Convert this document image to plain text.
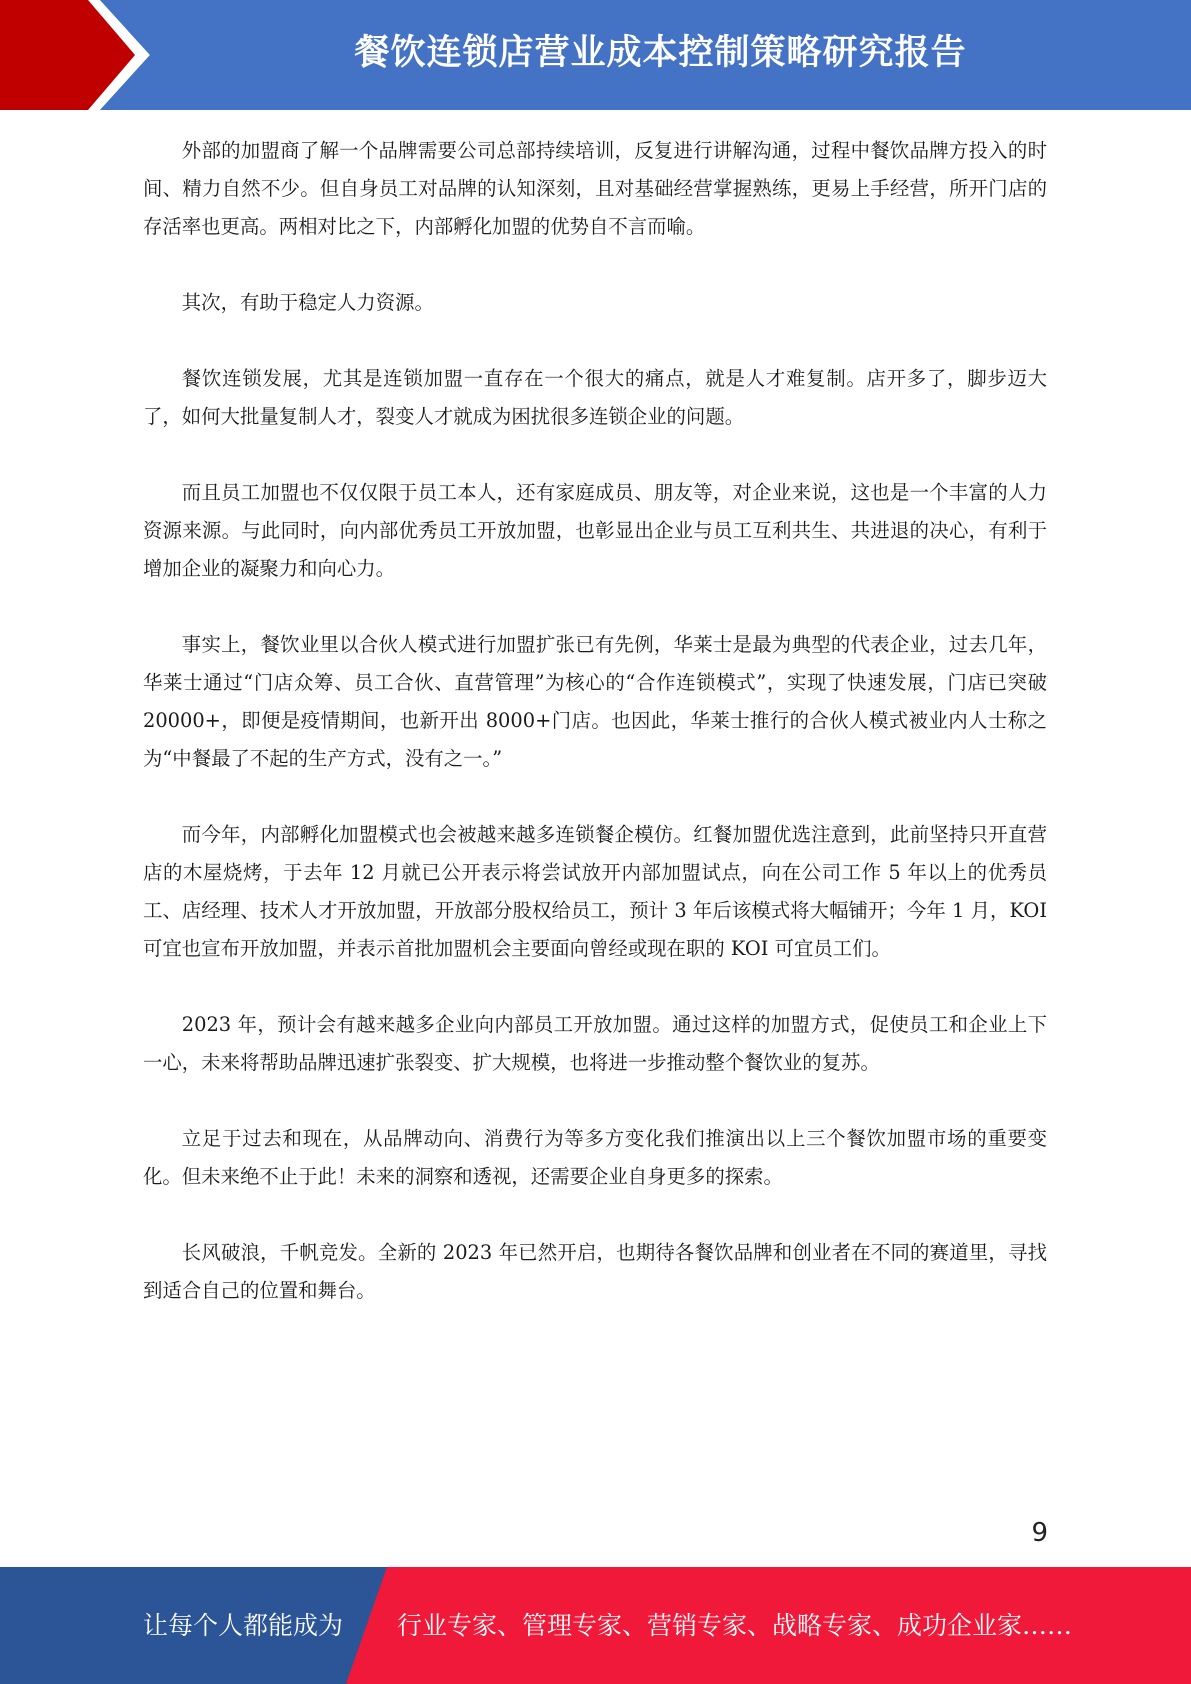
餐饮连锁店营业成本控制策略研究报告

外部的加盟商了解一个品牌需要公司总部持续培训，反复进行讲解沟通，过程中餐饮品牌方投入的时间、精力自然不少。但自身员工对品牌的认知深刻，且对基础经营掌握熟练，更易上手经营，所开门店的存活率也更高。两相对比之下，内部孵化加盟的优势自不言而喻。

其次，有助于稳定人力资源。

餐饮连锁发展，尤其是连锁加盟一直存在一个很大的痛点，就是人才难复制。店开多了，脚步迈大了，如何大批量复制人才，裂变人才就成为困扰很多连锁企业的问题。

而且员工加盟也不仅仅限于员工本人，还有家庭成员、朋友等，对企业来说，这也是一个丰富的人力资源来源。与此同时，向内部优秀员工开放加盟，也彰显出企业与员工互利共生、共进退的决心，有利于增加企业的凝聚力和向心力。

事实上，餐饮业里以合伙人模式进行加盟扩张已有先例，华莱士是最为典型的代表企业，过去几年，华莱士通过“门店众筹、员工合伙、直营管理”为核心的“合作连锁模式”，实现了快速发展，门店已突破 20000+，即便是疫情期间，也新开出 8000+门店。也因此，华莱士推行的合伙人模式被业内人士称之为“中餐最了不起的生产方式，没有之一。”

而今年，内部孵化加盟模式也会被越来越多连锁餐企模仿。红餐加盟优选注意到，此前坚持只开直营店的木屋烧烤，于去年 12 月就已公开表示将尝试放开内部加盟试点，向在公司工作 5 年以上的优秀员工、店经理、技术人才开放加盟，开放部分股权给员工，预计 3 年后该模式将大幅铺开；今年 1 月，KOI 可宜也宣布开放加盟，并表示首批加盟机会主要面向曾经或现在职的 KOI 可宜员工们。

2023 年，预计会有越来越多企业向内部员工开放加盟。通过这样的加盟方式，促使员工和企业上下一心，未来将帮助品牌迅速扩张裂变、扩大规模，也将进一步推动整个餐饮业的复苏。

立足于过去和现在，从品牌动向、消费行为等多方变化我们推演出以上三个餐饮加盟市场的重要变化。但未来绝不止于此！未来的洞察和透视，还需要企业自身更多的探索。

长风破浪，千帆竞发。全新的 2023 年已然开启，也期待各餐饮品牌和创业者在不同的赛道里，寻找到适合自己的位置和舞台。

9
让每个人都能成为 行业专家、管理专家、营销专家、战略专家、成功企业家……
